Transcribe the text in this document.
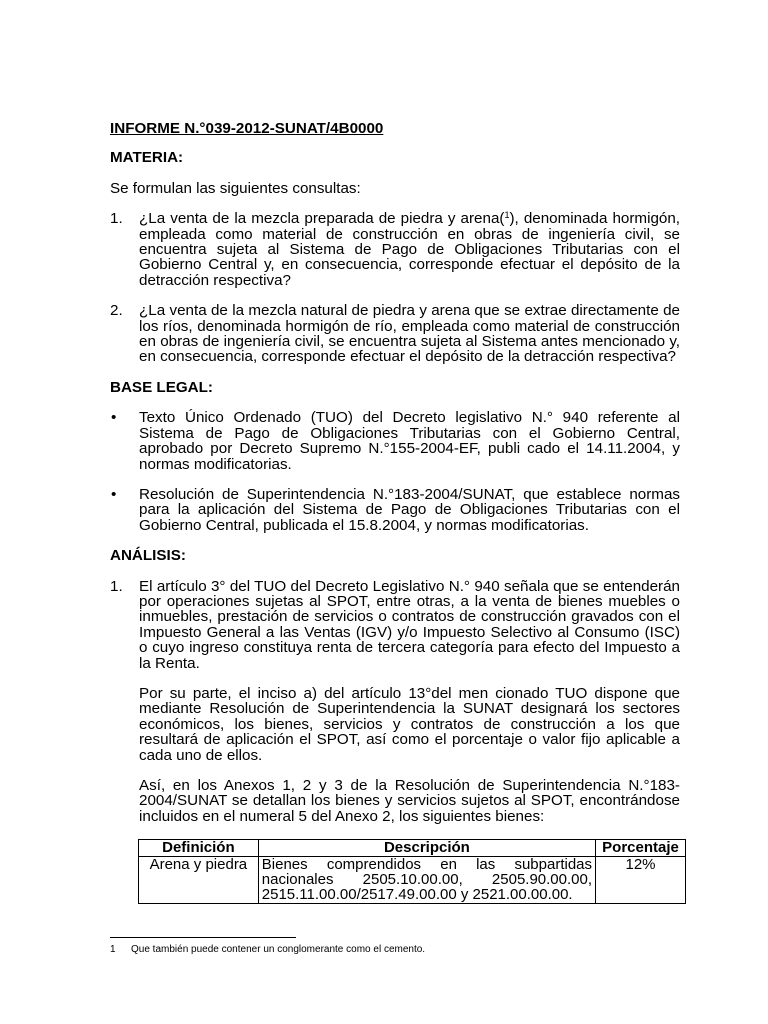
INFORME N.°039-2012-SUNAT/4B0000
MATERIA:
Se formulan las siguientes consultas:
1. ¿La venta de la mezcla preparada de piedra y arena($^1$), denominada hormigón, empleada como material de construcción en obras de ingeniería civil, se encuentra sujeta al Sistema de Pago de Obligaciones Tributarias con el Gobierno Central y, en consecuencia, corresponde efectuar el depósito de la detracción respectiva?
2. ¿La venta de la mezcla natural de piedra y arena que se extrae directamente de los ríos, denominada hormigón de río, empleada como material de construcción en obras de ingeniería civil, se encuentra sujeta al Sistema antes mencionado y, en consecuencia, corresponde efectuar el depósito de la detracción respectiva?
BASE LEGAL:
• Texto Único Ordenado (TUO) del Decreto legislativo N.° 940 referente al Sistema de Pago de Obligaciones Tributarias con el Gobierno Central, aprobado por Decreto Supremo N.°155-2004-EF, publi cado el 14.11.2004, y normas modificatorias.
• Resolución de Superintendencia N.°183-2004/SUNAT, que establece normas para la aplicación del Sistema de Pago de Obligaciones Tributarias con el Gobierno Central, publicada el 15.8.2004, y normas modificatorias.
ANÁLISIS:
1. El artículo 3° del TUO del Decreto Legislativo N.° 940 señala que se entenderán por operaciones sujetas al SPOT, entre otras, a la venta de bienes muebles o inmuebles, prestación de servicios o contratos de construcción gravados con el Impuesto General a las Ventas (IGV) y/o Impuesto Selectivo al Consumo (ISC) o cuyo ingreso constituya renta de tercera categoría para efecto del Impuesto a la Renta.
Por su parte, el inciso a) del artículo 13°del men cionado TUO dispone que mediante Resolución de Superintendencia la SUNAT designará los sectores económicos, los bienes, servicios y contratos de construcción a los que resultará de aplicación el SPOT, así como el porcentaje o valor fijo aplicable a cada uno de ellos.
Así, en los Anexos 1, 2 y 3 de la Resolución de Superintendencia N.°183-2004/SUNAT se detallan los bienes y servicios sujetos al SPOT, encontrándose incluidos en el numeral 5 del Anexo 2, los siguientes bienes:
Definición	Descripción	Porcentaje
Arena y piedra	Bienes comprendidos en las subpartidas nacionales 2505.10.00.00, 2505.90.00.00, 2515.11.00.00/2517.49.00.00 y 2521.00.00.00.	12%
1 Que también puede contener un conglomerante como el cemento.
